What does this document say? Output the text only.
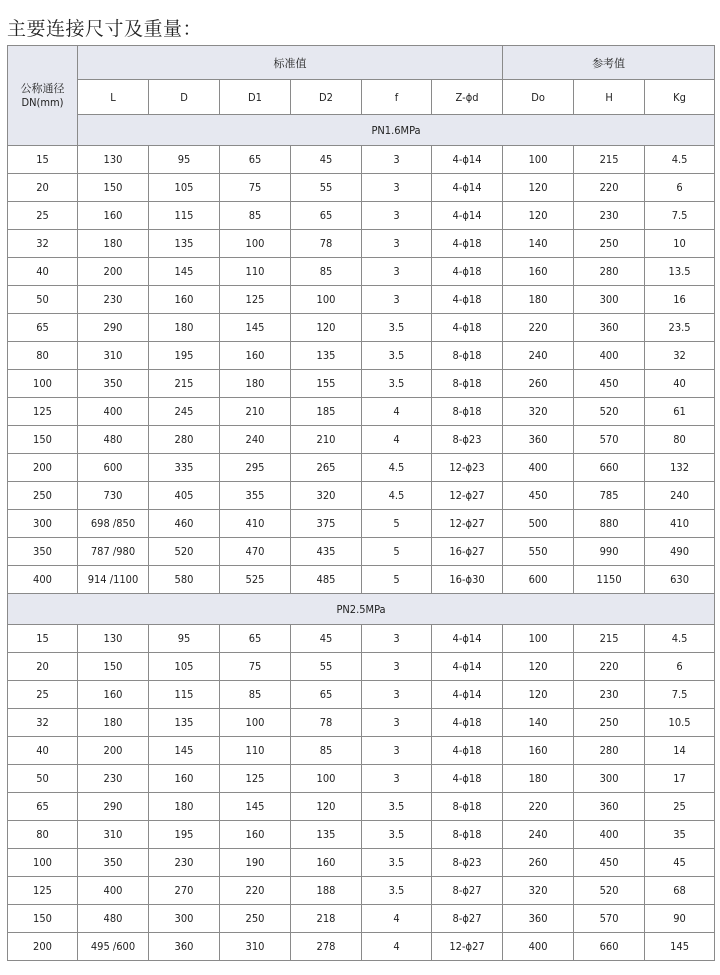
主要连接尺寸及重量：
公称通径
DN(mm)	标准值						参考值		
	L	D	D1	D2	f	Z-ϕd	Do	H	Kg
	PN1.6MPa								
15	130	95	65	45	3	4-ϕ14	100	215	4.5
20	150	105	75	55	3	4-ϕ14	120	220	6
25	160	115	85	65	3	4-ϕ14	120	230	7.5
32	180	135	100	78	3	4-ϕ18	140	250	10
40	200	145	110	85	3	4-ϕ18	160	280	13.5
50	230	160	125	100	3	4-ϕ18	180	300	16
65	290	180	145	120	3.5	4-ϕ18	220	360	23.5
80	310	195	160	135	3.5	8-ϕ18	240	400	32
100	350	215	180	155	3.5	8-ϕ18	260	450	40
125	400	245	210	185	4	8-ϕ18	320	520	61
150	480	280	240	210	4	8-ϕ23	360	570	80
200	600	335	295	265	4.5	12-ϕ23	400	660	132
250	730	405	355	320	4.5	12-ϕ27	450	785	240
300	698 /850	460	410	375	5	12-ϕ27	500	880	410
350	787 /980	520	470	435	5	16-ϕ27	550	990	490
400	914 /1100	580	525	485	5	16-ϕ30	600	1150	630
PN2.5MPa									
15	130	95	65	45	3	4-ϕ14	100	215	4.5
20	150	105	75	55	3	4-ϕ14	120	220	6
25	160	115	85	65	3	4-ϕ14	120	230	7.5
32	180	135	100	78	3	4-ϕ18	140	250	10.5
40	200	145	110	85	3	4-ϕ18	160	280	14
50	230	160	125	100	3	4-ϕ18	180	300	17
65	290	180	145	120	3.5	8-ϕ18	220	360	25
80	310	195	160	135	3.5	8-ϕ18	240	400	35
100	350	230	190	160	3.5	8-ϕ23	260	450	45
125	400	270	220	188	3.5	8-ϕ27	320	520	68
150	480	300	250	218	4	8-ϕ27	360	570	90
200	495 /600	360	310	278	4	12-ϕ27	400	660	145
